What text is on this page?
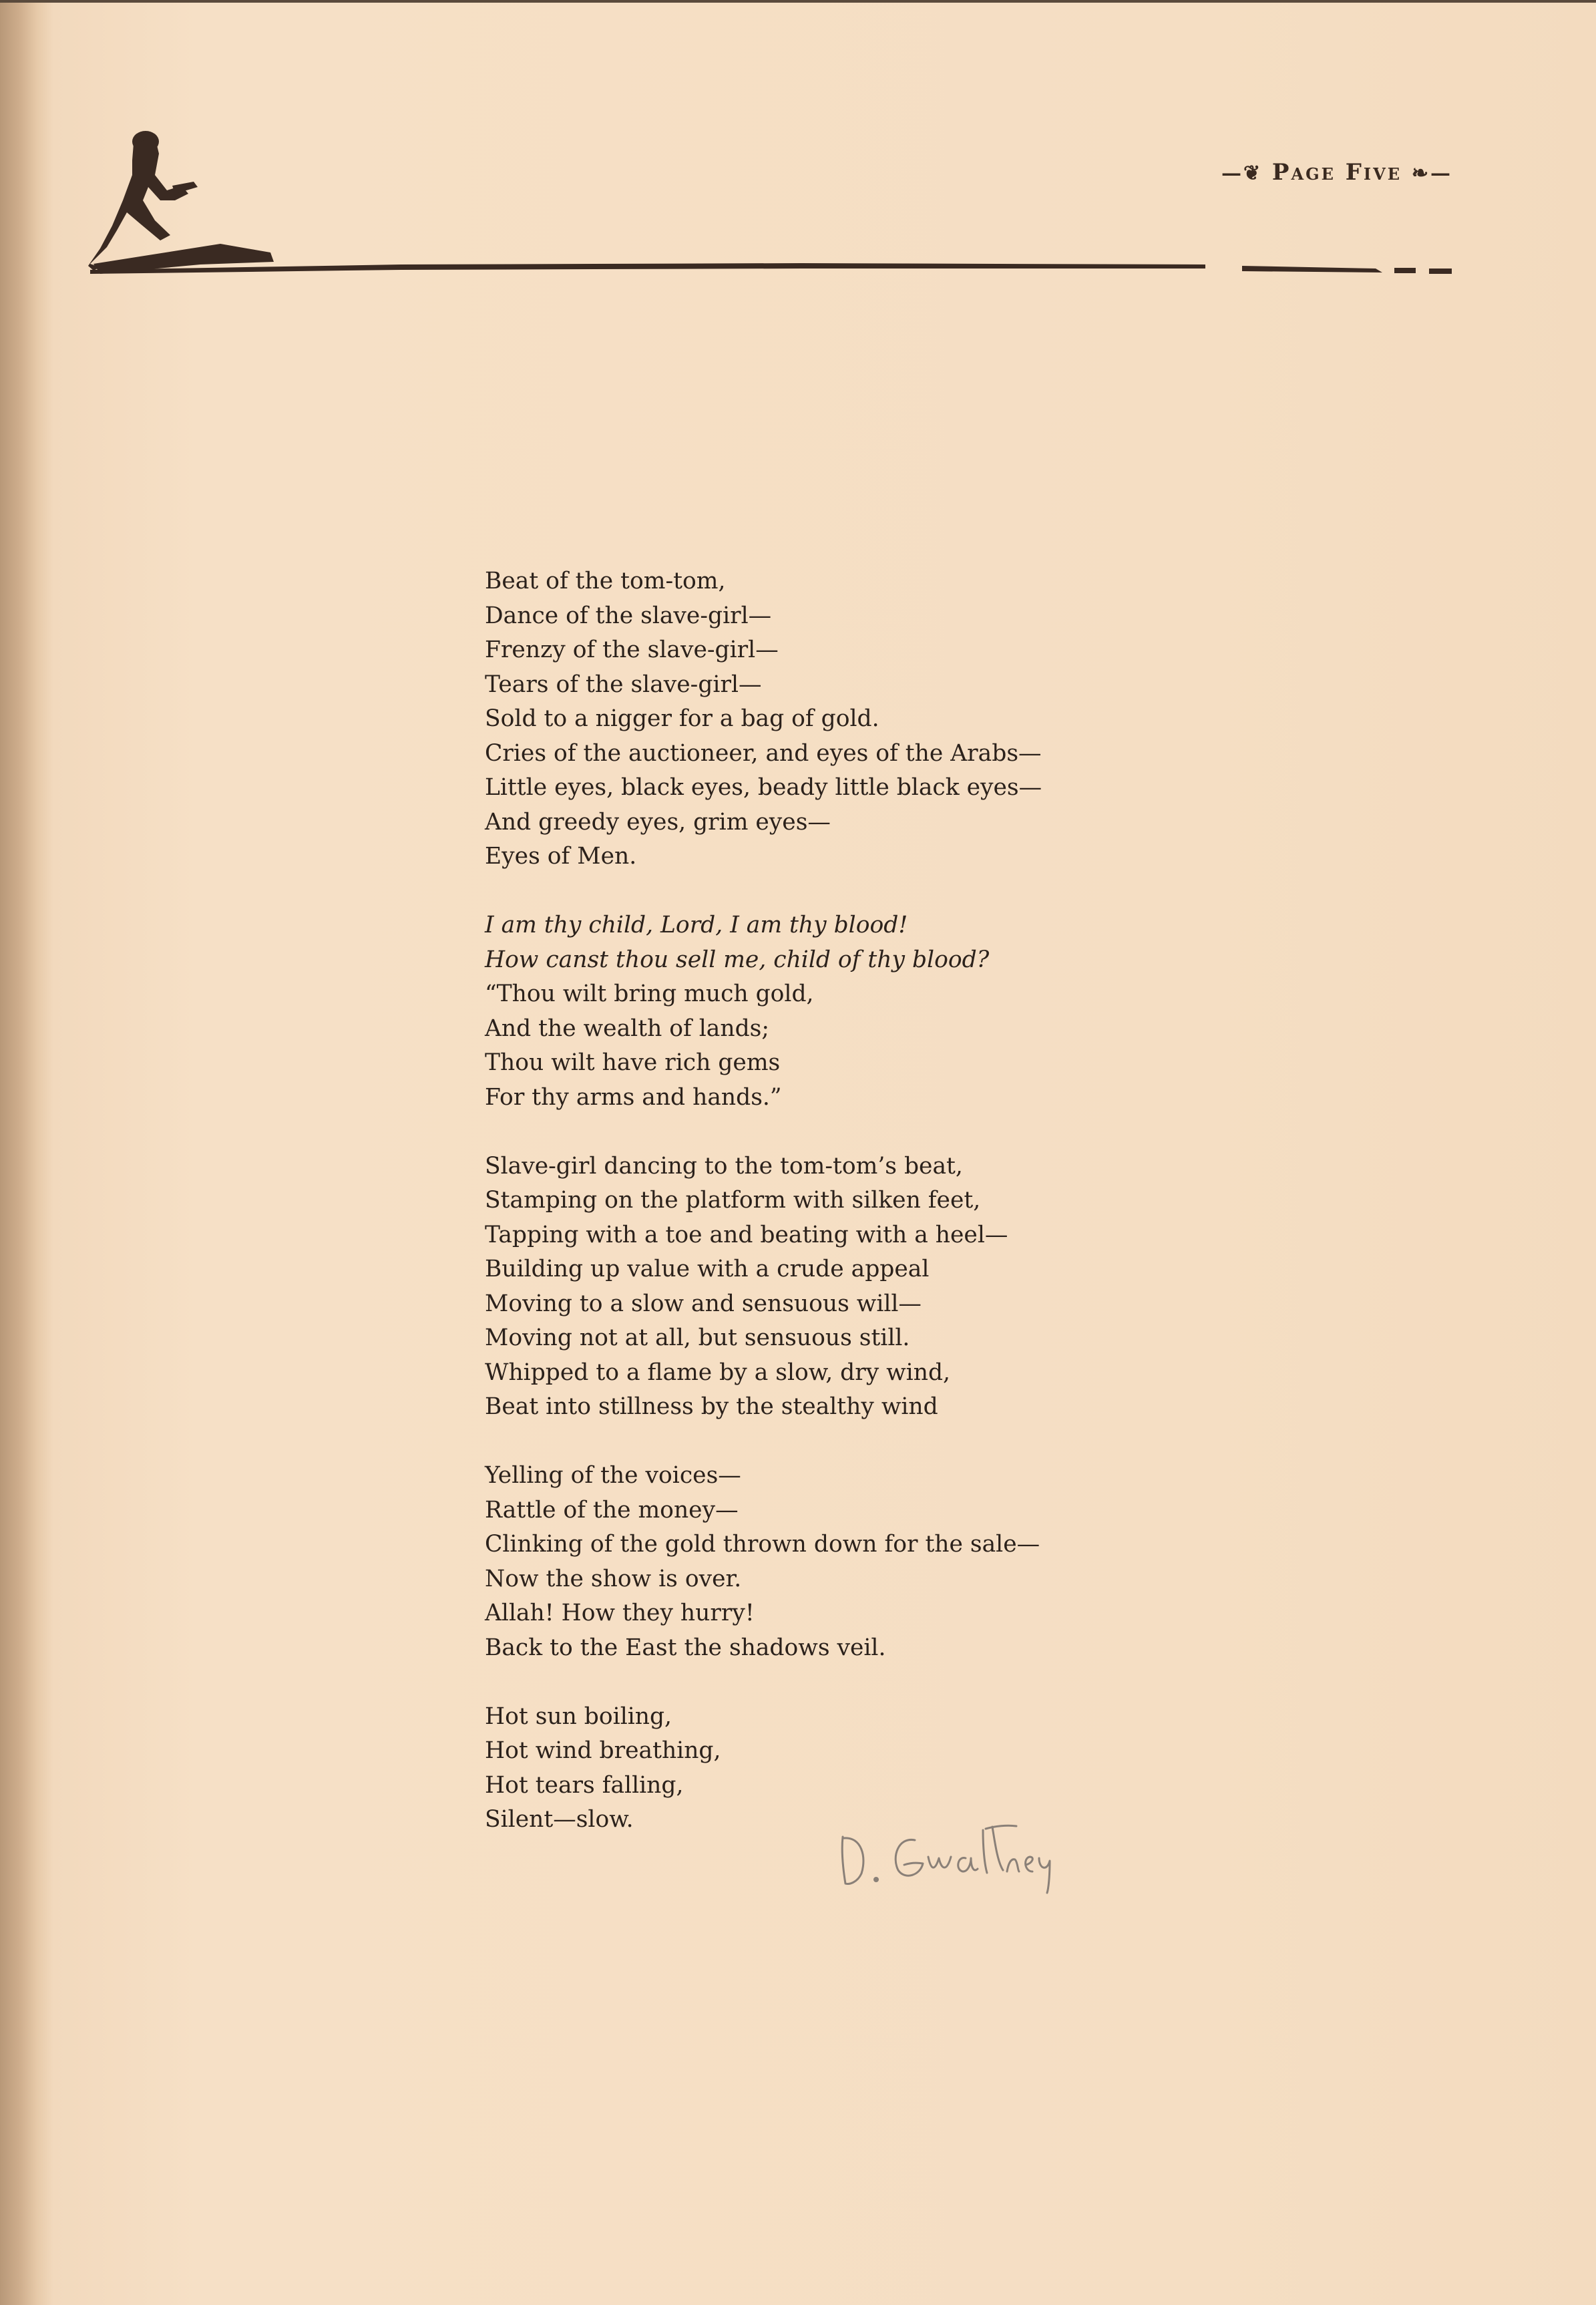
—❦ Page Five ❧—
Beat of the tom-tom,
Dance of the slave-girl—
Frenzy of the slave-girl—
Tears of the slave-girl—
Sold to a nigger for a bag of gold.
Cries of the auctioneer, and eyes of the Arabs—
Little eyes, black eyes, beady little black eyes—
And greedy eyes, grim eyes—
Eyes of Men.
I am thy child, Lord, I am thy blood!
How canst thou sell me, child of thy blood?
“Thou wilt bring much gold,
And the wealth of lands;
Thou wilt have rich gems
For thy arms and hands.”
Slave-girl dancing to the tom-tom’s beat,
Stamping on the platform with silken feet,
Tapping with a toe and beating with a heel—
Building up value with a crude appeal
Moving to a slow and sensuous will—
Moving not at all, but sensuous still.
Whipped to a flame by a slow, dry wind,
Beat into stillness by the stealthy wind
Yelling of the voices—
Rattle of the money—
Clinking of the gold thrown down for the sale—
Now the show is over.
Allah! How they hurry!
Back to the East the shadows veil.
Hot sun boiling,
Hot wind breathing,
Hot tears falling,
Silent—slow.
